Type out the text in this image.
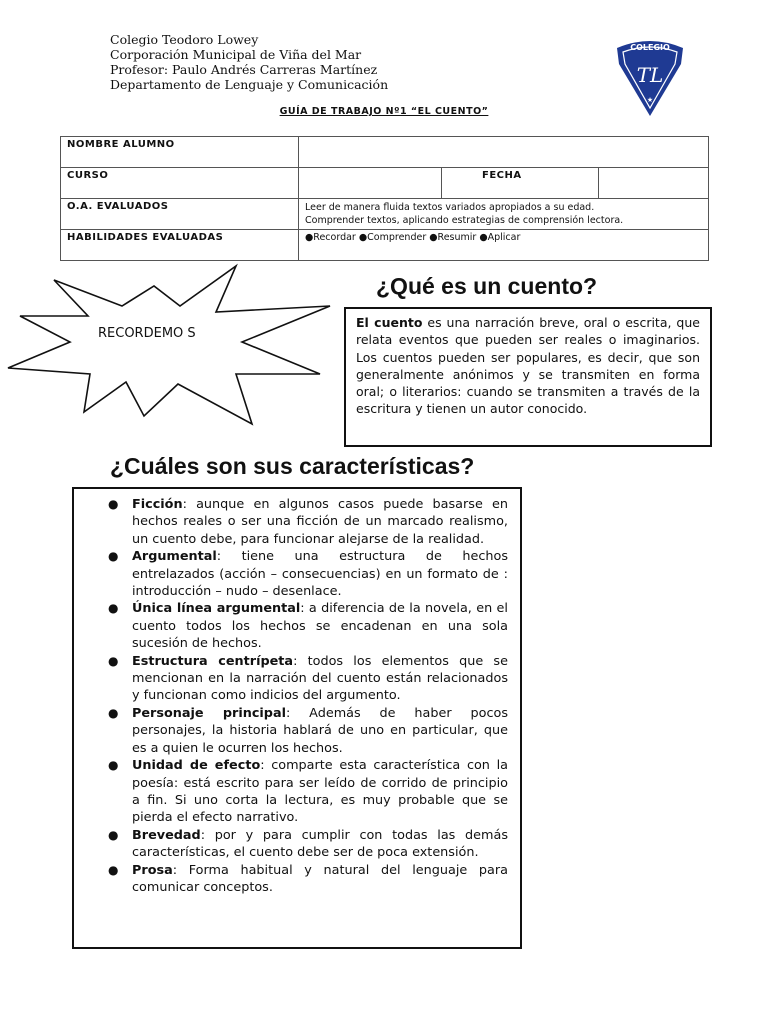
Colegio Teodoro Lowey
Corporación Municipal de Viña del Mar
Profesor: Paulo Andrés Carreras Martínez
Departamento de Lenguaje y Comunicación
COLEGIO
TL
★
GUÍA DE TRABAJO Nº1 “EL CUENTO”
NOMBRE ALUMNO			
CURSO		FECHA	
O.A. EVALUADOS	Leer de manera fluida textos variados apropiados a su edad.
Comprender textos, aplicando estrategias de comprensión lectora.		

HABILIDADES EVALUADAS	●Recordar ●Comprender ●Resumir ●Aplicar		
RECORDEMO S
¿Qué es un cuento?
El cuento es una narración breve, oral o escrita, que relata eventos que pueden ser reales o imaginarios. Los cuentos pueden ser populares, es decir, que son generalmente anónimos y se transmiten en forma oral; o literarios: cuando se transmiten a través de la escritura y tienen un autor conocido.
¿Cuáles son sus características?
● Ficción: aunque en algunos casos puede basarse en hechos reales o ser una ficción de un marcado realismo, un cuento debe, para funcionar alejarse de la realidad.
● Argumental: tiene una estructura de hechos entrelazados (acción – consecuencias) en un formato de : introducción – nudo – desenlace.
● Única línea argumental: a diferencia de la novela, en el cuento todos los hechos se encadenan en una sola sucesión de hechos.
● Estructura centrípeta: todos los elementos que se mencionan en la narración del cuento están relacionados y funcionan como indicios del argumento.
● Personaje principal: Además de haber pocos personajes, la historia hablará de uno en particular, que es a quien le ocurren los hechos.
● Unidad de efecto: comparte esta característica con la poesía: está escrito para ser leído de corrido de principio a fin. Si uno corta la lectura, es muy probable que se pierda el efecto narrativo.
● Brevedad: por y para cumplir con todas las demás características, el cuento debe ser de poca extensión.
● Prosa: Forma habitual y natural del lenguaje para comunicar conceptos.
